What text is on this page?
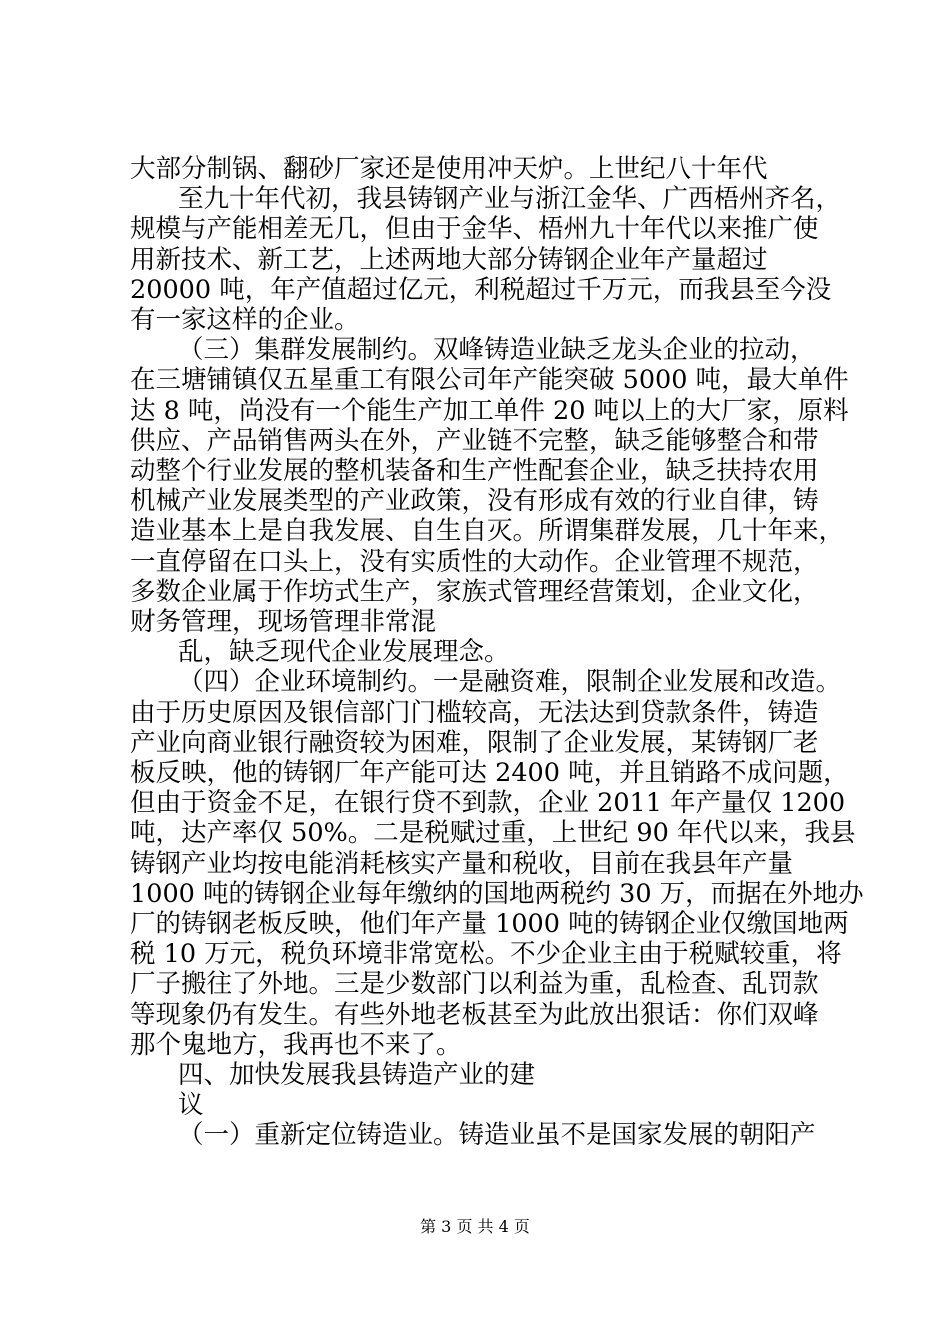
大部分制锅、翻砂厂家还是使用冲天炉。上世纪八十年代
至九十年代初，我县铸钢产业与浙江金华、广西梧州齐名，
规模与产能相差无几，但由于金华、梧州九十年代以来推广使
用新技术、新工艺，上述两地大部分铸钢企业年产量超过
20000 吨，年产值超过亿元，利税超过千万元，而我县至今没
有一家这样的企业。
（三）集群发展制约。双峰铸造业缺乏龙头企业的拉动，
在三塘铺镇仅五星重工有限公司年产能突破 5000 吨，最大单件
达 8 吨，尚没有一个能生产加工单件 20 吨以上的大厂家，原料
供应、产品销售两头在外，产业链不完整，缺乏能够整合和带
动整个行业发展的整机装备和生产性配套企业，缺乏扶持农用
机械产业发展类型的产业政策，没有形成有效的行业自律，铸
造业基本上是自我发展、自生自灭。所谓集群发展，几十年来，
一直停留在口头上，没有实质性的大动作。企业管理不规范，
多数企业属于作坊式生产，家族式管理经营策划，企业文化，
财务管理，现场管理非常混
乱，缺乏现代企业发展理念。
（四）企业环境制约。一是融资难，限制企业发展和改造。
由于历史原因及银信部门门槛较高，无法达到贷款条件，铸造
产业向商业银行融资较为困难，限制了企业发展，某铸钢厂老
板反映，他的铸钢厂年产能可达 2400 吨，并且销路不成问题，
但由于资金不足，在银行贷不到款，企业 2011 年产量仅 1200
吨，达产率仅 50%。二是税赋过重，上世纪 90 年代以来，我县
铸钢产业均按电能消耗核实产量和税收，目前在我县年产量
1000 吨的铸钢企业每年缴纳的国地两税约 30 万，而据在外地办
厂的铸钢老板反映，他们年产量 1000 吨的铸钢企业仅缴国地两
税 10 万元，税负环境非常宽松。不少企业主由于税赋较重，将
厂子搬往了外地。三是少数部门以利益为重，乱检查、乱罚款
等现象仍有发生。有些外地老板甚至为此放出狠话：你们双峰
那个鬼地方，我再也不来了。
四、加快发展我县铸造产业的建
议
（一）重新定位铸造业。铸造业虽不是国家发展的朝阳产
第 3 页 共 4 页
